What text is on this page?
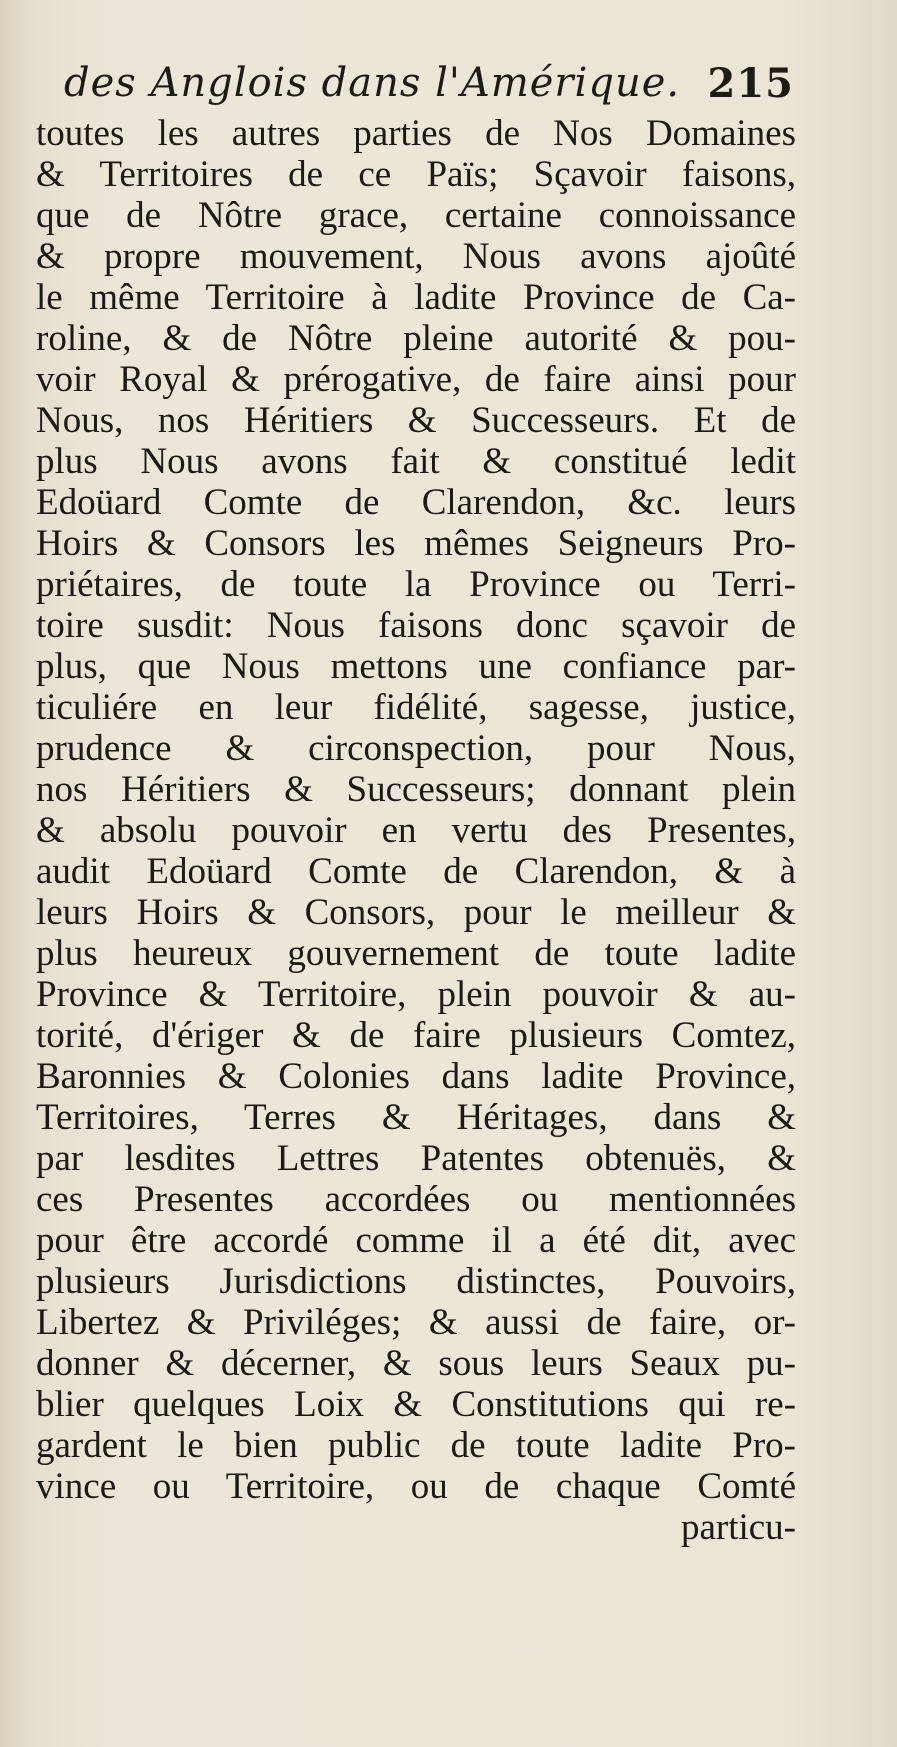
des Anglois dans l'Amérique. 215
toutes les autres parties de Nos Domaines
& Territoires de ce Païs; Sçavoir faisons,
que de Nôtre grace, certaine connoissance
& propre mouvement, Nous avons ajoûté
le même Territoire à ladite Province de Ca-
roline, & de Nôtre pleine autorité & pou-
voir Royal & prérogative, de faire ainsi pour
Nous, nos Héritiers & Successeurs. Et de
plus Nous avons fait & constitué ledit
Edoüard Comte de Clarendon, &c. leurs
Hoirs & Consors les mêmes Seigneurs Pro-
priétaires, de toute la Province ou Terri-
toire susdit: Nous faisons donc sçavoir de
plus, que Nous mettons une confiance par-
ticuliére en leur fidélité, sagesse, justice,
prudence & circonspection, pour Nous,
nos Héritiers & Successeurs; donnant plein
& absolu pouvoir en vertu des Presentes,
audit Edoüard Comte de Clarendon, & à
leurs Hoirs & Consors, pour le meilleur &
plus heureux gouvernement de toute ladite
Province & Territoire, plein pouvoir & au-
torité, d'ériger & de faire plusieurs Comtez,
Baronnies & Colonies dans ladite Province,
Territoires, Terres & Héritages, dans &
par lesdites Lettres Patentes obtenuës, &
ces Presentes accordées ou mentionnées
pour être accordé comme il a été dit, avec
plusieurs Jurisdictions distinctes, Pouvoirs,
Libertez & Priviléges; & aussi de faire, or-
donner & décerner, & sous leurs Seaux pu-
blier quelques Loix & Constitutions qui re-
gardent le bien public de toute ladite Pro-
vince ou Territoire, ou de chaque Comté
particu-
